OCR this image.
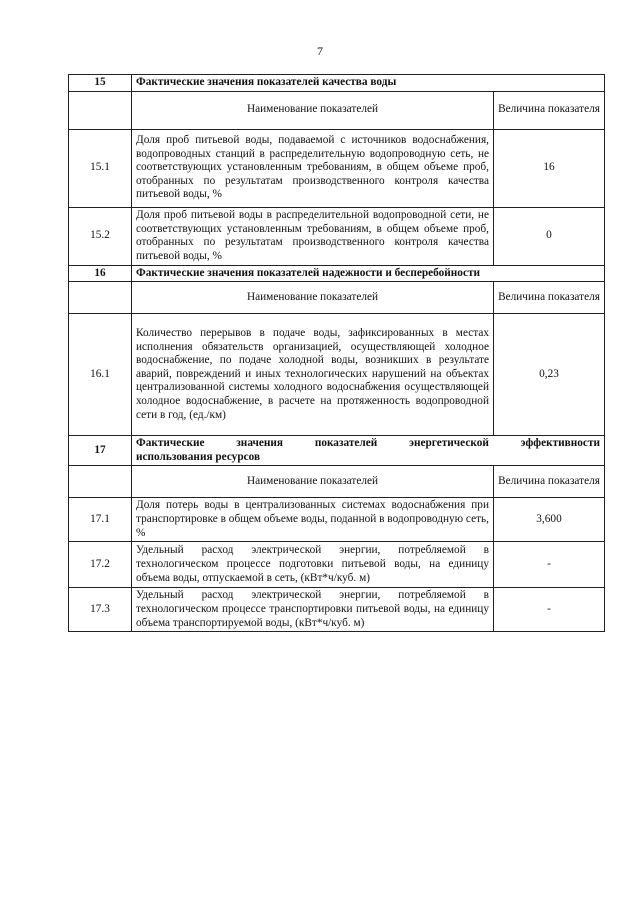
7
15	Фактические значения показателей качества воды	
	Наименование показателей	Величина показателя
15.1	Доля проб питьевой воды, подаваемой с источников водоснабжения, водопроводных станций в распределительную водопроводную сеть, не соответствующих установленным требованиям, в общем объеме проб, отобранных по результатам производственного контроля качества питьевой воды, %	16
15.2	Доля проб питьевой воды в распределительной водопроводной сети, не соответствующих установленным требованиям, в общем объеме проб, отобранных по результатам производственного контроля качества питьевой воды, %	0
16	Фактические значения показателей надежности и бесперебойности	
	Наименование показателей	Величина показателя
16.1	Количество перерывов в подаче воды, зафиксированных в местах исполнения обязательств организацией, осуществляющей холодное водоснабжение, по подаче холодной воды, возникших в результате аварий, повреждений и иных технологических нарушений на объектах централизованной системы холодного водоснабжения осуществляющей холодное водоснабжение, в расчете на протяженность водопроводной сети в год, (ед./км)	0,23
17	Фактические значения показателей энергетической эффективности
использования ресурсов	

	Наименование показателей	Величина показателя
17.1	Доля потерь воды в централизованных системах водоснабжения при транспортировке в общем объеме воды, поданной в водопроводную сеть, %	3,600
17.2	Удельный расход электрической энергии, потребляемой в технологическом процессе подготовки питьевой воды, на единицу объема воды, отпускаемой в сеть, (кВт*ч/куб. м)	-
17.3	Удельный расход электрической энергии, потребляемой в технологическом процессе транспортировки питьевой воды, на единицу объема транспортируемой воды, (кВт*ч/куб. м)	-
